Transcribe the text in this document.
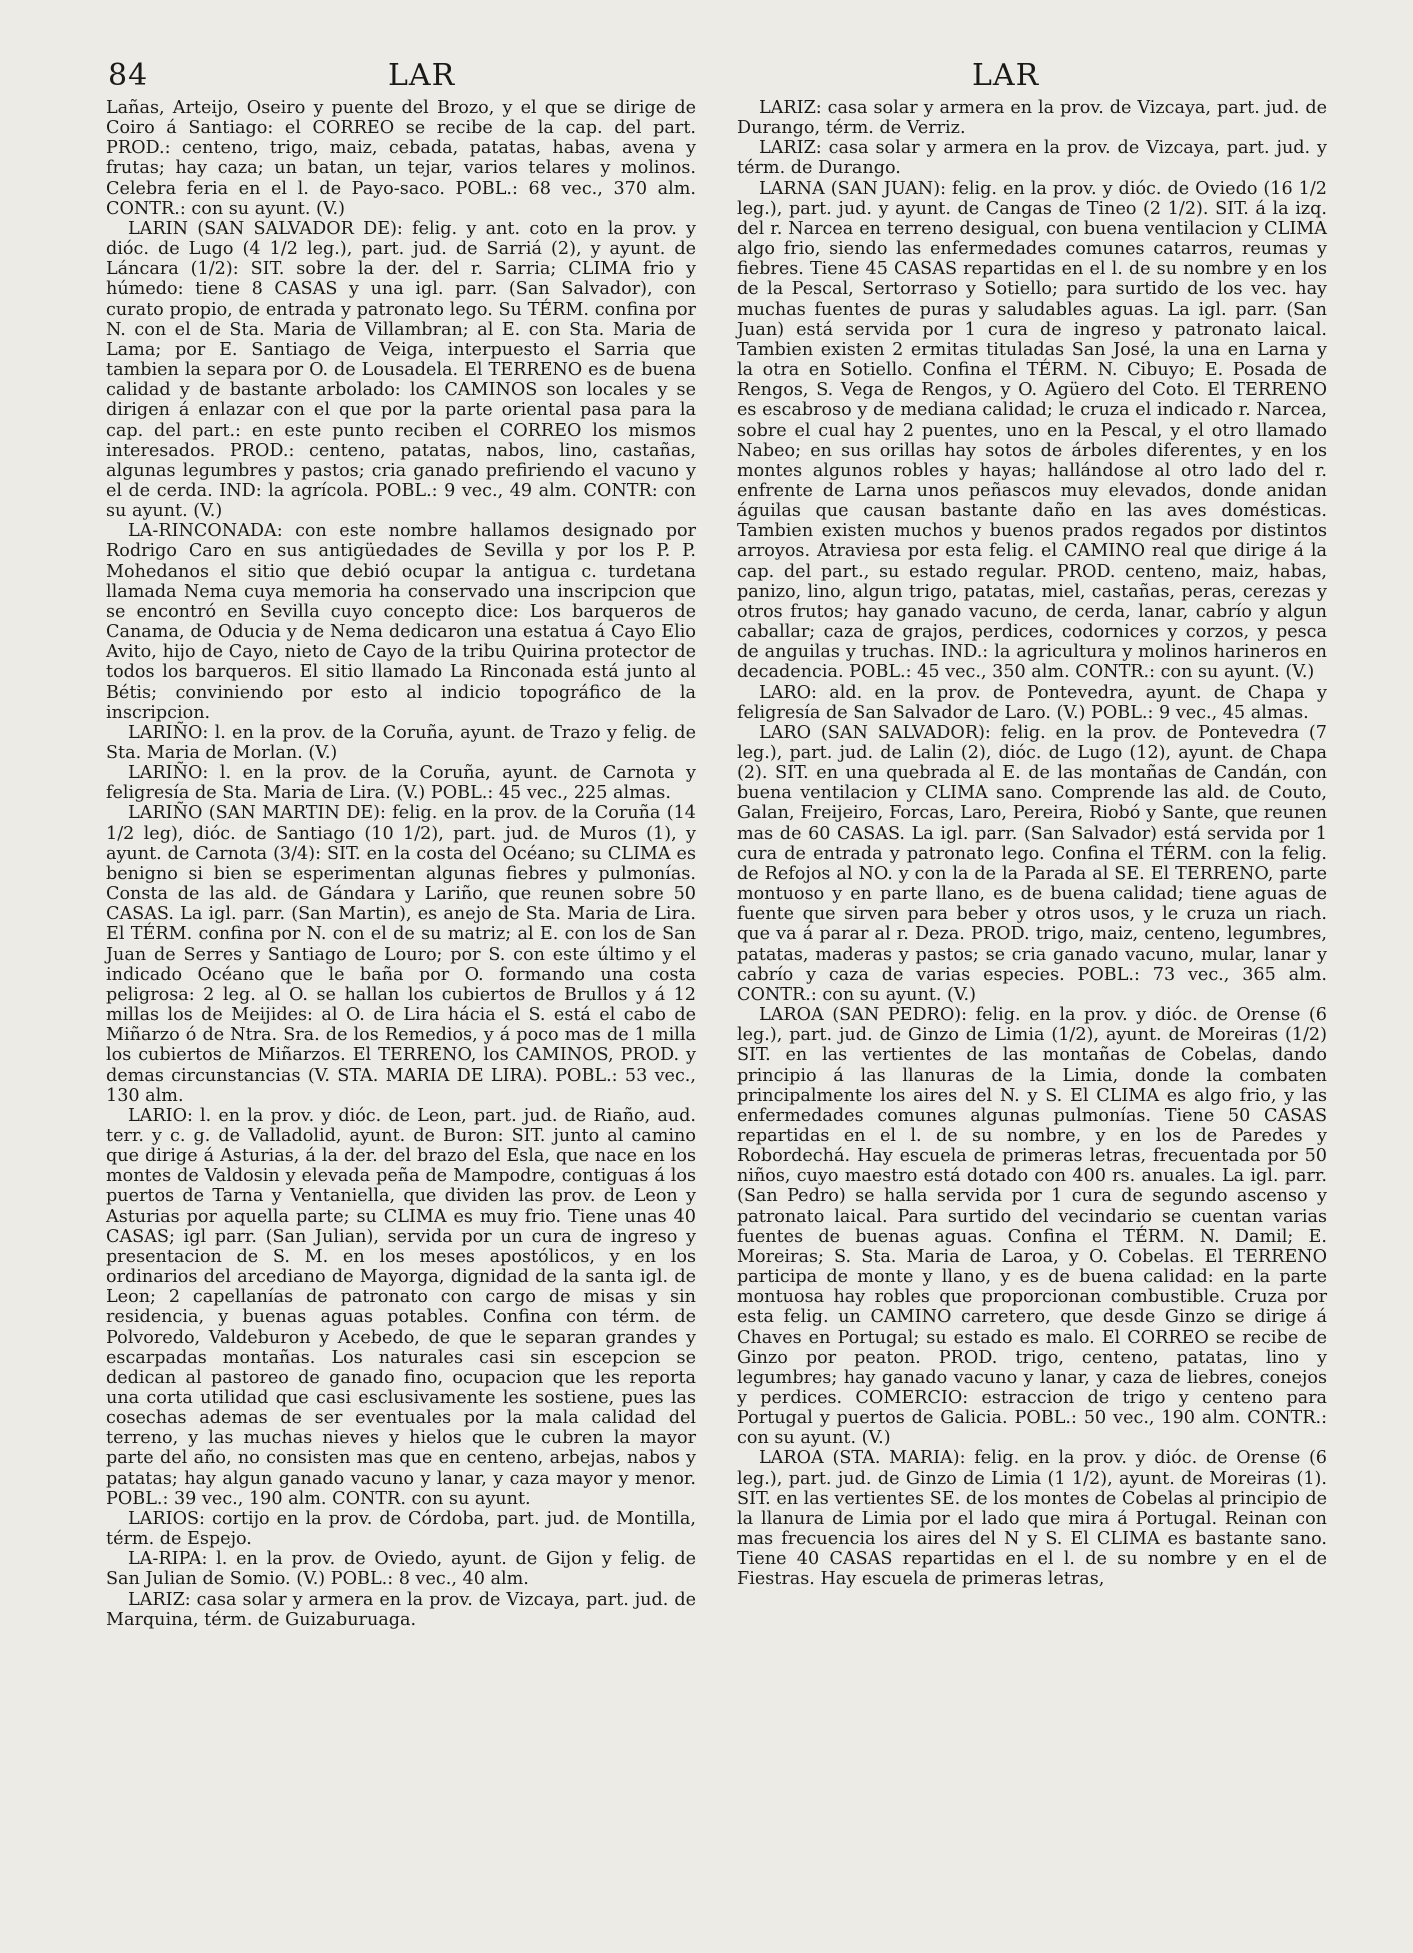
84	LAR	LAR

Lañas, Arteijo, Oseiro y puente del Brozo, y el que se dirige de Coiro á Santiago: el CORREO se recibe de la cap. del part. PROD.: centeno, trigo, maiz, cebada, patatas, habas, avena y frutas; hay caza; un batan, un tejar, varios telares y molinos. Celebra feria en el l. de Payo-saco. POBL.: 68 vec., 370 alm. CONTR.: con su ayunt. (V.)

LARIN (SAN SALVADOR DE): felig. y ant. coto en la prov. y dióc. de Lugo (4 1/2 leg.), part. jud. de Sarriá (2), y ayunt. de Láncara (1/2): SIT. sobre la der. del r. Sarria; CLIMA frio y húmedo: tiene 8 CASAS y una igl. parr. (San Salvador), con curato propio, de entrada y patronato lego. Su TÉRM. confina por N. con el de Sta. Maria de Villambran; al E. con Sta. Maria de Lama; por E. Santiago de Veiga, interpuesto el Sarria que tambien la separa por O. de Lousadela. El TERRENO es de buena calidad y de bastante arbolado: los CAMINOS son locales y se dirigen á enlazar con el que por la parte oriental pasa para la cap. del part.: en este punto reciben el CORREO los mismos interesados. PROD.: centeno, patatas, nabos, lino, castañas, algunas legumbres y pastos; cria ganado prefiriendo el vacuno y el de cerda. IND: la agrícola. POBL.: 9 vec., 49 alm. CONTR: con su ayunt. (V.)

LA-RINCONADA: con este nombre hallamos designado por Rodrigo Caro en sus antigüedades de Sevilla y por los P. P. Mohedanos el sitio que debió ocupar la antigua c. turdetana llamada Nema cuya memoria ha conservado una inscripcion que se encontró en Sevilla cuyo concepto dice: Los barqueros de Canama, de Oducia y de Nema dedicaron una estatua á Cayo Elio Avito, hijo de Cayo, nieto de Cayo de la tribu Quirina protector de todos los barqueros. El sitio llamado La Rinconada está junto al Bétis; conviniendo por esto al indicio topográfico de la inscripcion.

LARIÑO: l. en la prov. de la Coruña, ayunt. de Trazo y felig. de Sta. Maria de Morlan. (V.)

LARIÑO: l. en la prov. de la Coruña, ayunt. de Carnota y feligresía de Sta. Maria de Lira. (V.) POBL.: 45 vec., 225 almas.

LARIÑO (SAN MARTIN DE): felig. en la prov. de la Coruña (14 1/2 leg), dióc. de Santiago (10 1/2), part. jud. de Muros (1), y ayunt. de Carnota (3/4): SIT. en la costa del Océano; su CLIMA es benigno si bien se esperimentan algunas fiebres y pulmonías. Consta de las ald. de Gándara y Lariño, que reunen sobre 50 CASAS. La igl. parr. (San Martin), es anejo de Sta. Maria de Lira. El TÉRM. confina por N. con el de su matriz; al E. con los de San Juan de Serres y Santiago de Louro; por S. con este último y el indicado Océano que le baña por O. formando una costa peligrosa: 2 leg. al O. se hallan los cubiertos de Brullos y á 12 millas los de Meijides: al O. de Lira hácia el S. está el cabo de Miñarzo ó de Ntra. Sra. de los Remedios, y á poco mas de 1 milla los cubiertos de Miñarzos. El TERRENO, los CAMINOS, PROD. y demas circunstancias (V. STA. MARIA DE LIRA). POBL.: 53 vec., 130 alm.

LARIO: l. en la prov. y dióc. de Leon, part. jud. de Riaño, aud. terr. y c. g. de Valladolid, ayunt. de Buron: SIT. junto al camino que dirige á Asturias, á la der. del brazo del Esla, que nace en los montes de Valdosin y elevada peña de Mampodre, contiguas á los puertos de Tarna y Ventaniella, que dividen las prov. de Leon y Asturias por aquella parte; su CLIMA es muy frio. Tiene unas 40 CASAS; igl parr. (San Julian), servida por un cura de ingreso y presentacion de S. M. en los meses apostólicos, y en los ordinarios del arcediano de Mayorga, dignidad de la santa igl. de Leon; 2 capellanías de patronato con cargo de misas y sin residencia, y buenas aguas potables. Confina con térm. de Polvoredo, Valdeburon y Acebedo, de que le separan grandes y escarpadas montañas. Los naturales casi sin escepcion se dedican al pastoreo de ganado fino, ocupacion que les reporta una corta utilidad que casi esclusivamente les sostiene, pues las cosechas ademas de ser eventuales por la mala calidad del terreno, y las muchas nieves y hielos que le cubren la mayor parte del año, no consisten mas que en centeno, arbejas, nabos y patatas; hay algun ganado vacuno y lanar, y caza mayor y menor. POBL.: 39 vec., 190 alm. CONTR. con su ayunt.

LARIOS: cortijo en la prov. de Córdoba, part. jud. de Montilla, térm. de Espejo.

LA-RIPA: l. en la prov. de Oviedo, ayunt. de Gijon y felig. de San Julian de Somio. (V.) POBL.: 8 vec., 40 alm.

LARIZ: casa solar y armera en la prov. de Vizcaya, part. jud. de Marquina, térm. de Guizaburuaga.

LARIZ: casa solar y armera en la prov. de Vizcaya, part. jud. de Durango, térm. de Verriz.

LARIZ: casa solar y armera en la prov. de Vizcaya, part. jud. y térm. de Durango.

LARNA (SAN JUAN): felig. en la prov. y dióc. de Oviedo (16 1/2 leg.), part. jud. y ayunt. de Cangas de Tineo (2 1/2). SIT. á la izq. del r. Narcea en terreno desigual, con buena ventilacion y CLIMA algo frio, siendo las enfermedades comunes catarros, reumas y fiebres. Tiene 45 CASAS repartidas en el l. de su nombre y en los de la Pescal, Sertorraso y Sotiello; para surtido de los vec. hay muchas fuentes de puras y saludables aguas. La igl. parr. (San Juan) está servida por 1 cura de ingreso y patronato laical. Tambien existen 2 ermitas tituladas San José, la una en Larna y la otra en Sotiello. Confina el TÉRM. N. Cibuyo; E. Posada de Rengos, S. Vega de Rengos, y O. Agüero del Coto. El TERRENO es escabroso y de mediana calidad; le cruza el indicado r. Narcea, sobre el cual hay 2 puentes, uno en la Pescal, y el otro llamado Nabeo; en sus orillas hay sotos de árboles diferentes, y en los montes algunos robles y hayas; hallándose al otro lado del r. enfrente de Larna unos peñascos muy elevados, donde anidan águilas que causan bastante daño en las aves domésticas. Tambien existen muchos y buenos prados regados por distintos arroyos. Atraviesa por esta felig. el CAMINO real que dirige á la cap. del part., su estado regular. PROD. centeno, maiz, habas, panizo, lino, algun trigo, patatas, miel, castañas, peras, cerezas y otros frutos; hay ganado vacuno, de cerda, lanar, cabrío y algun caballar; caza de grajos, perdices, codornices y corzos, y pesca de anguilas y truchas. IND.: la agricultura y molinos harineros en decadencia. POBL.: 45 vec., 350 alm. CONTR.: con su ayunt. (V.)

LARO: ald. en la prov. de Pontevedra, ayunt. de Chapa y feligresía de San Salvador de Laro. (V.) POBL.: 9 vec., 45 almas.

LARO (SAN SALVADOR): felig. en la prov. de Pontevedra (7 leg.), part. jud. de Lalin (2), dióc. de Lugo (12), ayunt. de Chapa (2). SIT. en una quebrada al E. de las montañas de Candán, con buena ventilacion y CLIMA sano. Comprende las ald. de Couto, Galan, Freijeiro, Forcas, Laro, Pereira, Riobó y Sante, que reunen mas de 60 CASAS. La igl. parr. (San Salvador) está servida por 1 cura de entrada y patronato lego. Confina el TÉRM. con la felig. de Refojos al NO. y con la de la Parada al SE. El TERRENO, parte montuoso y en parte llano, es de buena calidad; tiene aguas de fuente que sirven para beber y otros usos, y le cruza un riach. que va á parar al r. Deza. PROD. trigo, maiz, centeno, legumbres, patatas, maderas y pastos; se cria ganado vacuno, mular, lanar y cabrío y caza de varias especies. POBL.: 73 vec., 365 alm. CONTR.: con su ayunt. (V.)

LAROA (SAN PEDRO): felig. en la prov. y dióc. de Orense (6 leg.), part. jud. de Ginzo de Limia (1/2), ayunt. de Moreiras (1/2) SIT. en las vertientes de las montañas de Cobelas, dando principio á las llanuras de la Limia, donde la combaten principalmente los aires del N. y S. El CLIMA es algo frio, y las enfermedades comunes algunas pulmonías. Tiene 50 CASAS repartidas en el l. de su nombre, y en los de Paredes y Robordechá. Hay escuela de primeras letras, frecuentada por 50 niños, cuyo maestro está dotado con 400 rs. anuales. La igl. parr. (San Pedro) se halla servida por 1 cura de segundo ascenso y patronato laical. Para surtido del vecindario se cuentan varias fuentes de buenas aguas. Confina el TÉRM. N. Damil; E. Moreiras; S. Sta. Maria de Laroa, y O. Cobelas. El TERRENO participa de monte y llano, y es de buena calidad: en la parte montuosa hay robles que proporcionan combustible. Cruza por esta felig. un CAMINO carretero, que desde Ginzo se dirige á Chaves en Portugal; su estado es malo. El CORREO se recibe de Ginzo por peaton. PROD. trigo, centeno, patatas, lino y legumbres; hay ganado vacuno y lanar, y caza de liebres, conejos y perdices. COMERCIO: estraccion de trigo y centeno para Portugal y puertos de Galicia. POBL.: 50 vec., 190 alm. CONTR.: con su ayunt. (V.)

LAROA (STA. MARIA): felig. en la prov. y dióc. de Orense (6 leg.), part. jud. de Ginzo de Limia (1 1/2), ayunt. de Moreiras (1). SIT. en las vertientes SE. de los montes de Cobelas al principio de la llanura de Limia por el lado que mira á Portugal. Reinan con mas frecuencia los aires del N y S. El CLIMA es bastante sano. Tiene 40 CASAS repartidas en el l. de su nombre y en el de Fiestras. Hay escuela de primeras letras,
